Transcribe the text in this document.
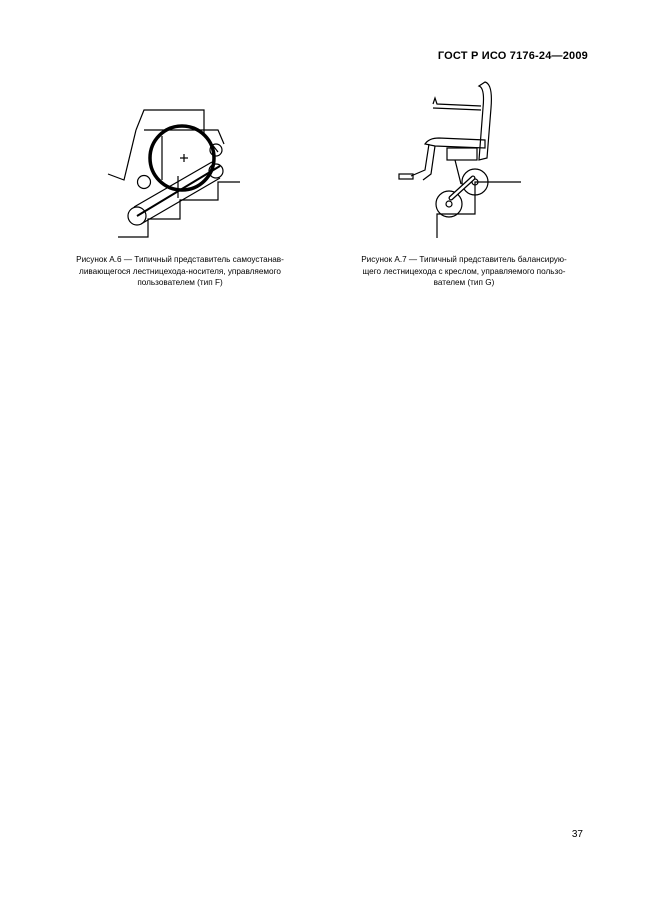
ГОСТ Р ИСО 7176-24—2009
Рисунок А.6 — Типичный представитель самоустанав-
ливающегося лестницехода-носителя, управляемого
пользователем (тип F)
Рисунок А.7 — Типичный представитель балансирую-
щего лестницехода с креслом, управляемого пользо-
вателем (тип G)
37
